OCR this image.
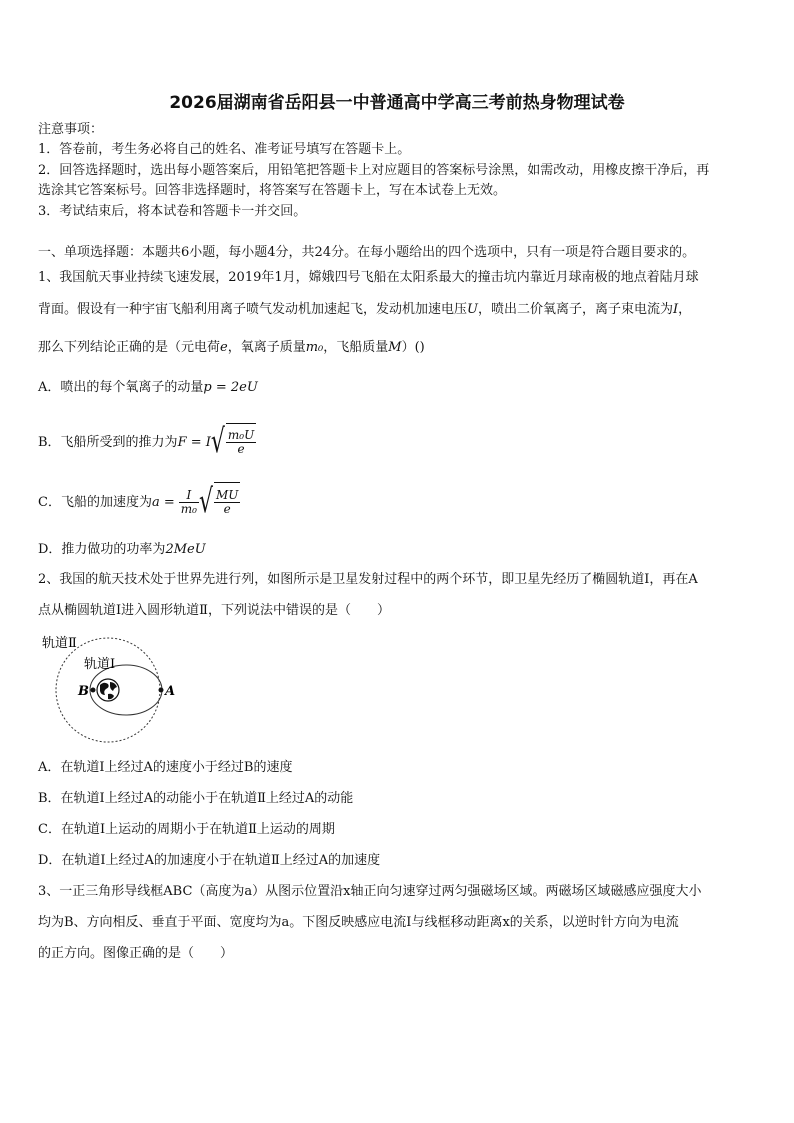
2026届湖南省岳阳县一中普通高中学高三考前热身物理试卷
注意事项：
1．答卷前，考生务必将自己的姓名、准考证号填写在答题卡上。
2．回答选择题时，选出每小题答案后，用铅笔把答题卡上对应题目的答案标号涂黑，如需改动，用橡皮擦干净后，再
选涂其它答案标号。回答非选择题时，将答案写在答题卡上，写在本试卷上无效。
3．考试结束后，将本试卷和答题卡一并交回。
一、单项选择题：本题共6小题，每小题4分，共24分。在每小题给出的四个选项中，只有一项是符合题目要求的。
1、我国航天事业持续飞速发展，2019年1月，嫦娥四号飞船在太阳系最大的撞击坑内靠近月球南极的地点着陆月球
背面。假设有一种宇宙飞船利用离子喷气发动机加速起飞，发动机加速电压U，喷出二价氧离子，离子束电流为I，
那么下列结论正确的是（元电荷e，氧离子质量m₀，飞船质量M）()
A．喷出的每个氧离子的动量p = 2eU
B．飞船所受到的推力为$F = I√ \frac{\text{m₀U}}{e}$
C．飞船的加速度为$a = \frac{I}{\text{m₀}}$ √ $\frac{MU}{e}$
D．推力做功的功率为2MeU
2、我国的航天技术处于世界先进行列，如图所示是卫星发射过程中的两个环节，即卫星先经历了椭圆轨道Ⅰ，再在A
点从椭圆轨道Ⅰ进入圆形轨道Ⅱ，下列说法中错误的是（　　）
轨道Ⅱ
轨道Ⅰ
B	A
A．在轨道Ⅰ上经过A的速度小于经过B的速度
B．在轨道Ⅰ上经过A的动能小于在轨道Ⅱ上经过A的动能
C．在轨道Ⅰ上运动的周期小于在轨道Ⅱ上运动的周期
D．在轨道Ⅰ上经过A的加速度小于在轨道Ⅱ上经过A的加速度
3、一正三角形导线框ABC（高度为a）从图示位置沿x轴正向匀速穿过两匀强磁场区域。两磁场区域磁感应强度大小
均为B、方向相反、垂直于平面、宽度均为a。下图反映感应电流I与线框移动距离x的关系，以逆时针方向为电流
的正方向。图像正确的是（　　）
